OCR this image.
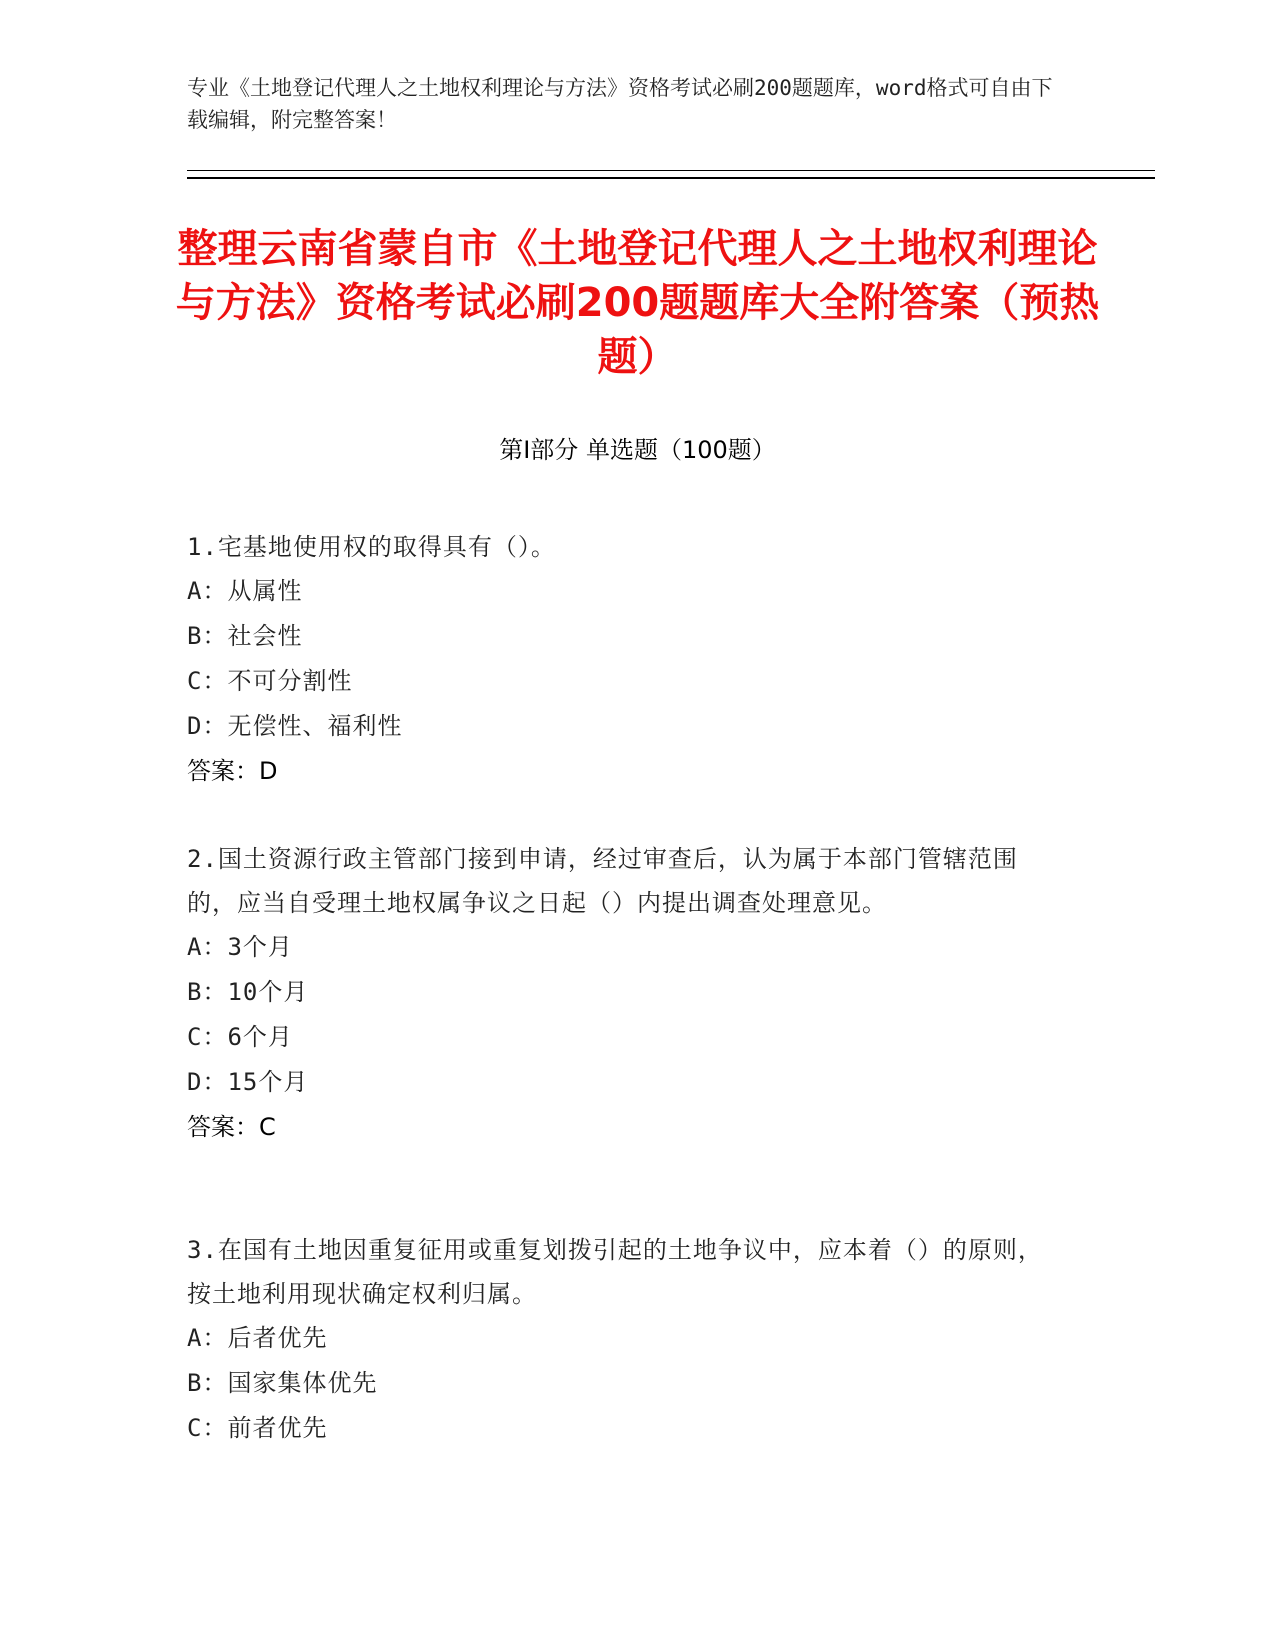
专业《土地登记代理人之土地权利理论与方法》资格考试必刷200题题库，word格式可自由下载编辑，附完整答案！
整理云南省蒙自市《土地登记代理人之土地权利理论与方法》资格考试必刷200题题库大全附答案（预热题）
第I部分 单选题（100题）
1.宅基地使用权的取得具有（）。
A：从属性
B：社会性
C：不可分割性
D：无偿性、福利性
答案：D
2.国土资源行政主管部门接到申请，经过审查后，认为属于本部门管辖范围的，应当自受理土地权属争议之日起（）内提出调查处理意见。
A：3个月
B：10个月
C：6个月
D：15个月
答案：C
3.在国有土地因重复征用或重复划拨引起的土地争议中，应本着（）的原则，按土地利用现状确定权利归属。
A：后者优先
B：国家集体优先
C：前者优先
